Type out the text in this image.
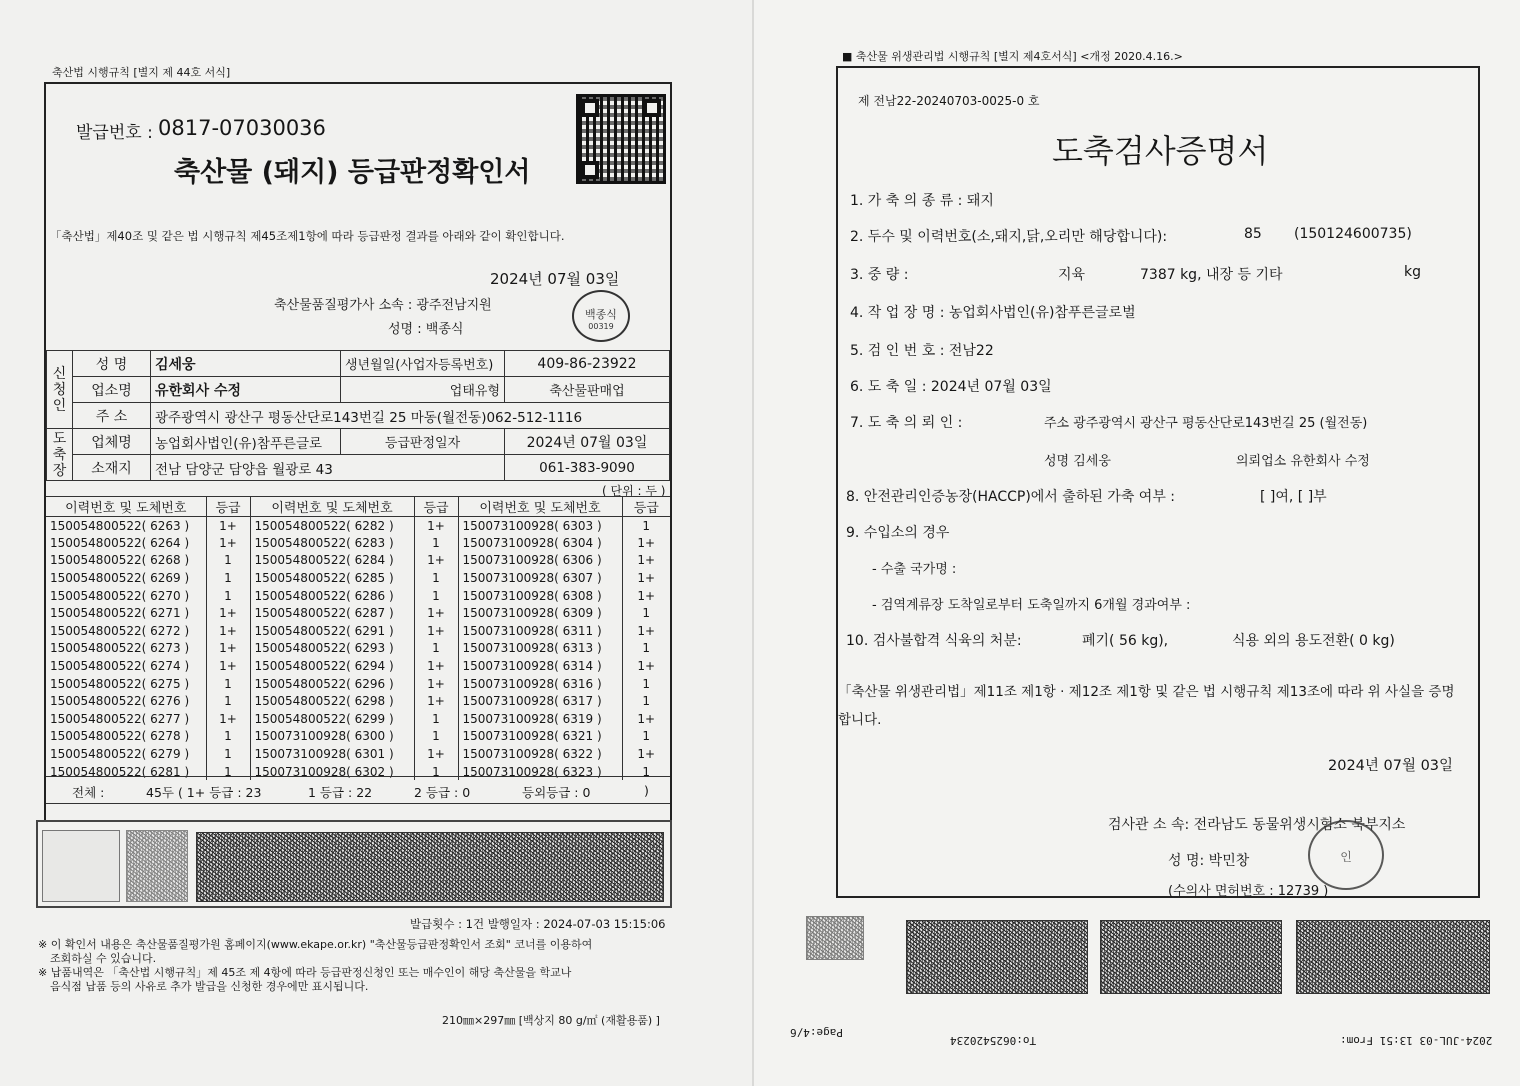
축산법 시행규칙 [별지 제 44호 서식]
발급번호 : 0817-07030036
축산물 (돼지) 등급판정확인서
「축산법」제40조 및 같은 법 시행규칙 제45조제1항에 따라 등급판정 결과를 아래와 같이 확인합니다.
2024년 07월 03일
축산물품질평가사 소속 : 광주전남지원
성명 : 백종식
백종식
00319
신청인	성 명	김세웅	생년월일(사업자등록번호)	409-86-23922
	업소명	유한회사 수정	업태유형	축산물판매업
	주 소	광주광역시 광산구 평동산단로143번길 25 마동(월전동)062-512-1116		
도축장	업체명	농업회사법인(유)참푸른글로	등급판정일자	2024년 07월 03일
	소재지	전남 담양군 담양읍 월광로 43		061-383-9090
( 단위 : 두 )
이력번호 및 도체번호	등급	이력번호 및 도체번호	등급	이력번호 및 도체번호	등급
150054800522( 6263 )	1+	150054800522( 6282 )	1+	150073100928( 6303 )	1
150054800522( 6264 )	1+	150054800522( 6283 )	1	150073100928( 6304 )	1+
150054800522( 6268 )	1	150054800522( 6284 )	1+	150073100928( 6306 )	1+
150054800522( 6269 )	1	150054800522( 6285 )	1	150073100928( 6307 )	1+
150054800522( 6270 )	1	150054800522( 6286 )	1	150073100928( 6308 )	1+
150054800522( 6271 )	1+	150054800522( 6287 )	1+	150073100928( 6309 )	1
150054800522( 6272 )	1+	150054800522( 6291 )	1+	150073100928( 6311 )	1+
150054800522( 6273 )	1+	150054800522( 6293 )	1	150073100928( 6313 )	1
150054800522( 6274 )	1+	150054800522( 6294 )	1+	150073100928( 6314 )	1+
150054800522( 6275 )	1	150054800522( 6296 )	1+	150073100928( 6316 )	1
150054800522( 6276 )	1	150054800522( 6298 )	1+	150073100928( 6317 )	1
150054800522( 6277 )	1+	150054800522( 6299 )	1	150073100928( 6319 )	1+
150054800522( 6278 )	1	150073100928( 6300 )	1	150073100928( 6321 )	1
150054800522( 6279 )	1	150073100928( 6301 )	1+	150073100928( 6322 )	1+
150054800522( 6281 )	1	150073100928( 6302 )	1	150073100928( 6323 )	1
전체 :	45두 ( 1+ 등급 : 23	1 등급 : 22	2 등급 : 0	등외등급 : 0	)
발급횟수 : 1건 발행일자 : 2024-07-03 15:15:06
※ 이 확인서 내용은 축산물품질평가원 홈페이지(www.ekape.or.kr) "축산물등급판정확인서 조회" 코너를 이용하여
조회하실 수 있습니다.
※ 납품내역은 「축산법 시행규칙」제 45조 제 4항에 따라 등급판정신청인 또는 매수인이 해당 축산물을 학교나
음식점 납품 등의 사유로 추가 발급을 신청한 경우에만 표시됩니다.
210㎜×297㎜ [백상지 80 g/㎡ (재활용품) ]
■ 축산물 위생관리법 시행규칙 [별지 제4호서식] <개정 2020.4.16.>
제 전남22-20240703-0025-0 호
도축검사증명서
1. 가 축 의 종 류 : 돼지
2. 두수 및 이력번호(소,돼지,닭,오리만 해당합니다):	85 (150124600735)
3. 중 량 :	지육	7387 kg, 내장 등 기타	kg
4. 작 업 장 명 : 농업회사법인(유)참푸른글로벌
5. 검 인 번 호 : 전남22
6. 도 축 일 : 2024년 07월 03일
7. 도 축 의 뢰 인 :	주소 광주광역시 광산구 평동산단로143번길 25 (월전동)
성명 김세웅	의뢰업소 유한회사 수정
8. 안전관리인증농장(HACCP)에서 출하된 가축 여부 :	[ ]여, [ ]부
9. 수입소의 경우
- 수출 국가명 :
- 검역계류장 도착일로부터 도축일까지 6개월 경과여부 :
10. 검사불합격 식육의 처분:	폐기( 56 kg),	식용 외의 용도전환( 0 kg)
「축산물 위생관리법」제11조 제1항 · 제12조 제1항 및 같은 법 시행규칙 제13조에 따라 위 사실을 증명
합니다.
2024년 07월 03일
검사관 소 속: 전라남도 동물위생시험소 북부지소
성 명: 박민창
(수의사 면허번호 : 12739 )
인
Page:4/6
To:0625420234	2024-JUL-03 13:51 From:
